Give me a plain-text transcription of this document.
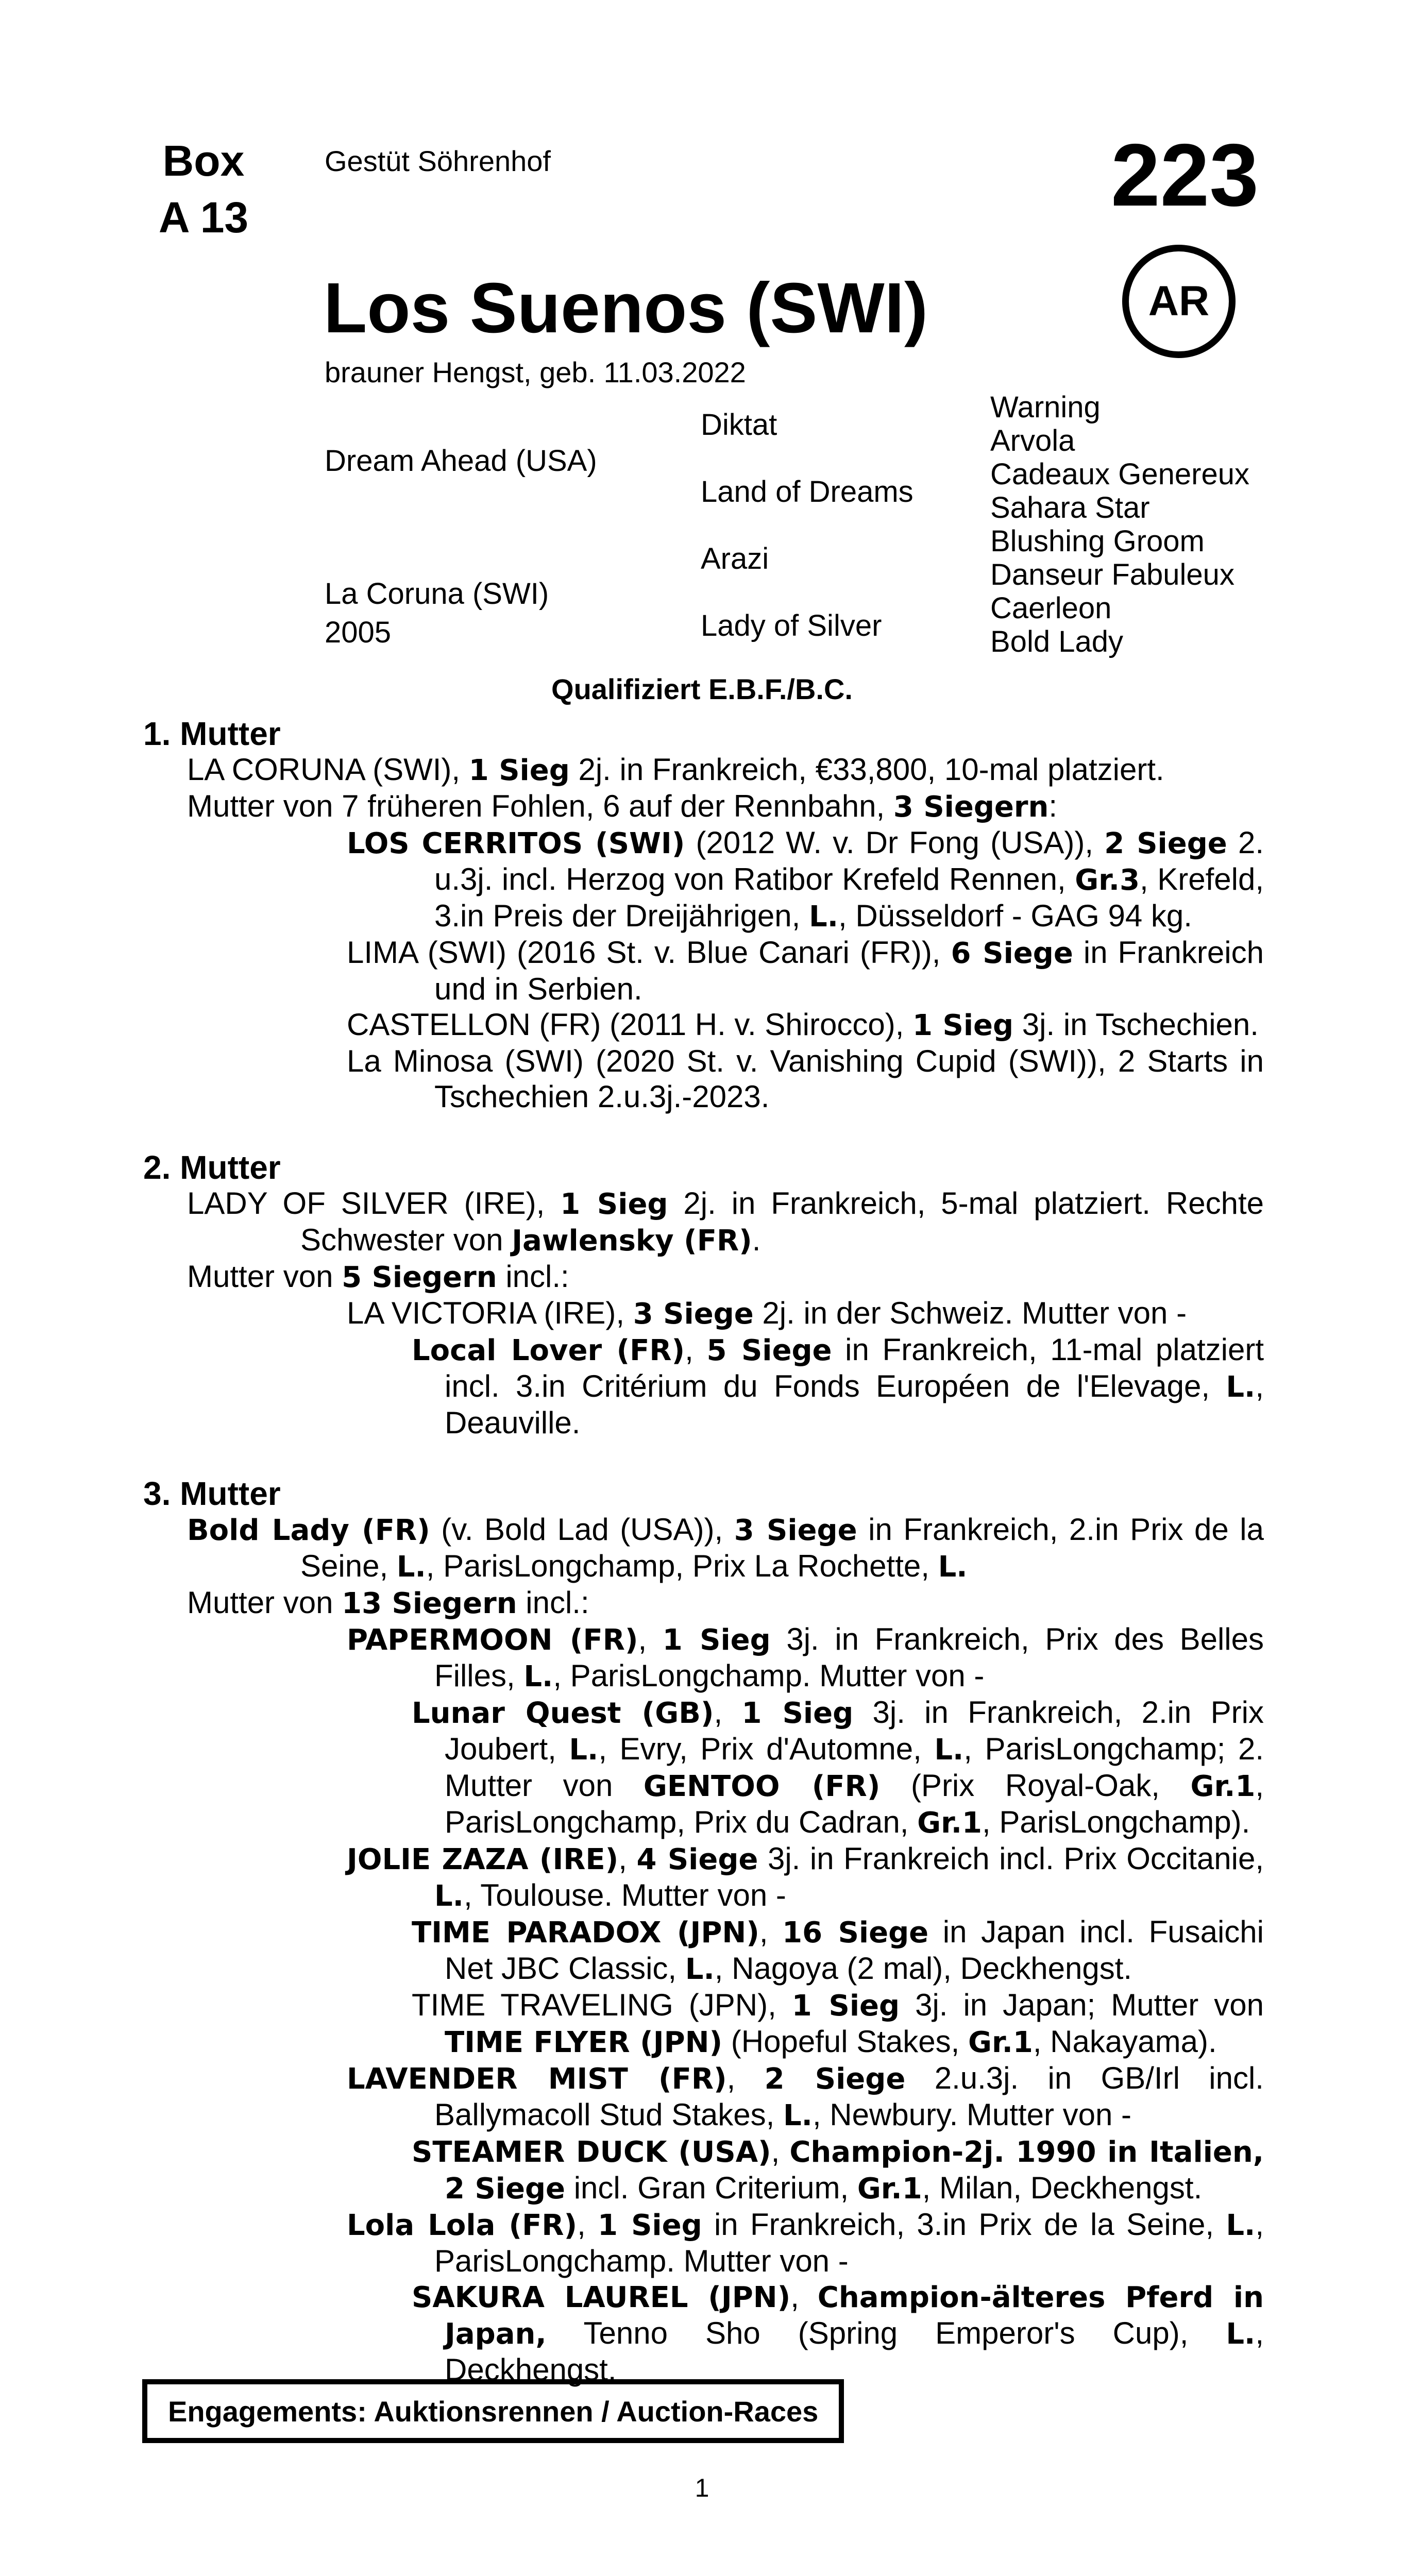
Box
A 13
Gestüt Söhrenhof	223
AR
Los Suenos (SWI)
brauner Hengst, geb. 11.03.2022
Dream Ahead (USA)
La Coruna (SWI)
2005
Diktat
Land of Dreams
Arazi
Lady of Silver
Warning
Arvola
Cadeaux Genereux
Sahara Star
Blushing Groom
Danseur Fabuleux
Caerleon
Bold Lady
Qualifiziert E.B.F./B.C.

1. Mutter

LA CORUNA (SWI), 1 Sieg 2j. in Frankreich, €33,800, 10-mal platziert.

Mutter von 7 früheren Fohlen, 6 auf der Rennbahn, 3 Siegern:

LOS CERRITOS (SWI) (2012 W. v. Dr Fong (USA)), 2 Siege 2. u.3j. incl. Herzog von Ratibor Krefeld Rennen, Gr.3, Krefeld, 3.in Preis der Dreijährigen, L., Düsseldorf - GAG 94 kg.

LIMA (SWI) (2016 St. v. Blue Canari (FR)), 6 Siege in Frankreich und in Serbien.

CASTELLON (FR) (2011 H. v. Shirocco), 1 Sieg 3j. in Tschechien.

La Minosa (SWI) (2020 St. v. Vanishing Cupid (SWI)), 2 Starts in Tschechien 2.u.3j.-2023.

2. Mutter

LADY OF SILVER (IRE), 1 Sieg 2j. in Frankreich, 5-mal platziert. Rechte Schwester von Jawlensky (FR).

Mutter von 5 Siegern incl.:

LA VICTORIA (IRE), 3 Siege 2j. in der Schweiz. Mutter von -

Local Lover (FR), 5 Siege in Frankreich, 11-mal platziert incl. 3.in Critérium du Fonds Européen de l'Elevage, L., Deauville.

3. Mutter

Bold Lady (FR) (v. Bold Lad (USA)), 3 Siege in Frankreich, 2.in Prix de la Seine, L., ParisLongchamp, Prix La Rochette, L.

Mutter von 13 Siegern incl.:

PAPERMOON (FR), 1 Sieg 3j. in Frankreich, Prix des Belles Filles, L., ParisLongchamp. Mutter von -

Lunar Quest (GB), 1 Sieg 3j. in Frankreich, 2.in Prix Joubert, L., Evry, Prix d'Automne, L., ParisLongchamp; 2. Mutter von GENTOO (FR) (Prix Royal-Oak, Gr.1, ParisLongchamp, Prix du Cadran, Gr.1, ParisLongchamp).

JOLIE ZAZA (IRE), 4 Siege 3j. in Frankreich incl. Prix Occitanie, L., Toulouse. Mutter von -

TIME PARADOX (JPN), 16 Siege in Japan incl. Fusaichi Net JBC Classic, L., Nagoya (2 mal), Deckhengst.

TIME TRAVELING (JPN), 1 Sieg 3j. in Japan; Mutter von TIME FLYER (JPN) (Hopeful Stakes, Gr.1, Nakayama).

LAVENDER MIST (FR), 2 Siege 2.u.3j. in GB/Irl incl. Ballymacoll Stud Stakes, L., Newbury. Mutter von -

STEAMER DUCK (USA), Champion-2j. 1990 in Italien, 2 Siege incl. Gran Criterium, Gr.1, Milan, Deckhengst.

Lola Lola (FR), 1 Sieg in Frankreich, 3.in Prix de la Seine, L., ParisLongchamp. Mutter von -

SAKURA LAUREL (JPN), Champion-älteres Pferd in Japan, Tenno Sho (Spring Emperor's Cup), L., Deckhengst.

Engagements: Auktionsrennen / Auction-Races
1
